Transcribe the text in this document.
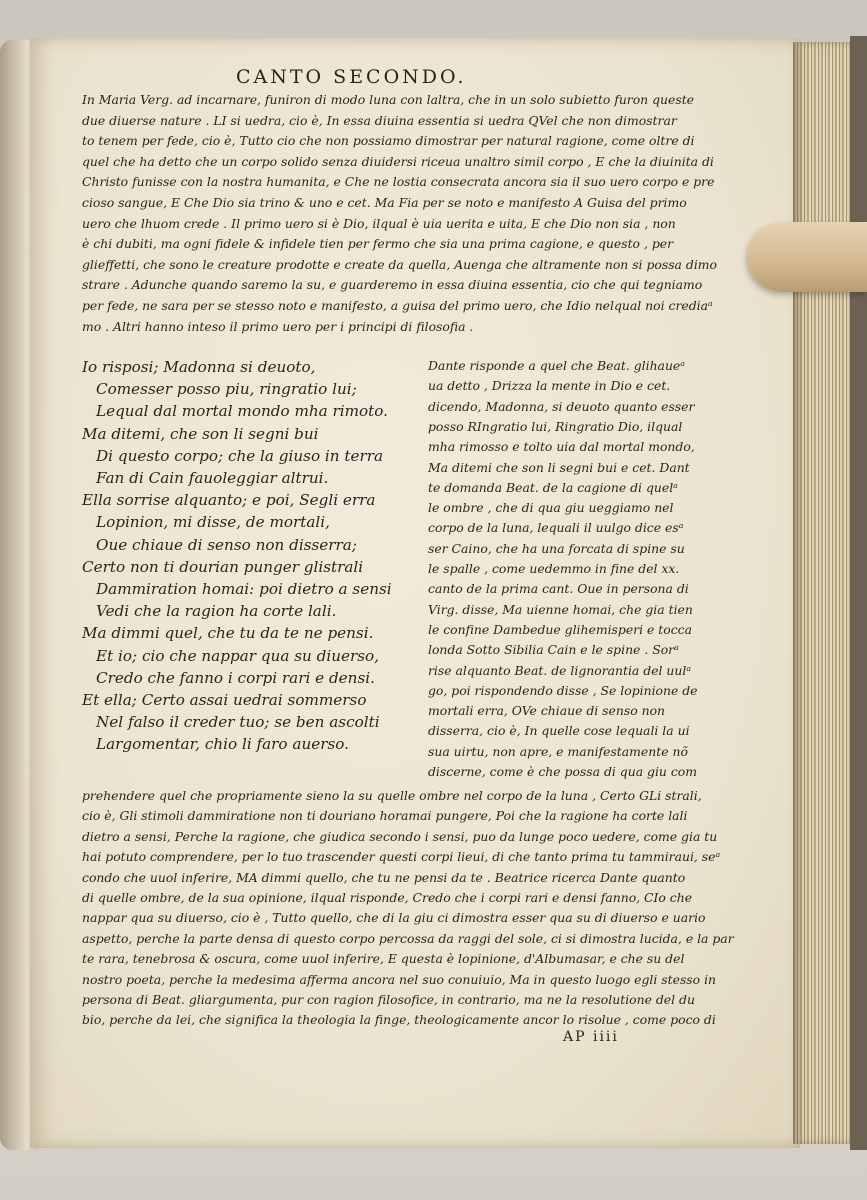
CANTO SECONDO.
In Maria Verg. ad incarnare, funiron di modo luna con laltra, che in un solo subietto furon queste
due diuerse nature . LI si uedra, cio è, In essa diuina essentia si uedra QVel che non dimostrar
to tenem per fede, cio è, Tutto cio che non possiamo dimostrar per natural ragione, come oltre di
quel che ha detto che un corpo solido senza diuidersi riceua unaltro simil corpo , E che la diuinita di
Christo funisse con la nostra humanita, e Che ne lostia consecrata ancora sia il suo uero corpo e pre
cioso sangue, E Che Dio sia trino & uno e cet. Ma Fia per se noto e manifesto A Guisa del primo
uero che lhuom crede . Il primo uero si è Dio, ilqual è uia uerita e uita, E che Dio non sia , non
è chi dubiti, ma ogni fidele & infidele tien per fermo che sia una prima cagione, e questo , per
glieffetti, che sono le creature prodotte e create da quella, Auenga che altramente non si possa dimo
strare . Adunche quando saremo la su, e guarderemo in essa diuina essentia, cio che qui tegniamo
per fede, ne sara per se stesso noto e manifesto, a guisa del primo uero, che Idio nelqual noi crediaᵃ
mo . Altri hanno inteso il primo uero per i principi di filosofia .
Io risposi; Madonna si deuoto,
Comesser posso piu, ringratio lui;
Lequal dal mortal mondo mha rimoto.
Ma ditemi, che son li segni bui
Di questo corpo; che la giuso in terra
Fan di Cain fauoleggiar altrui.
Ella sorrise alquanto; e poi, Segli erra
Lopinion, mi disse, de mortali,
Oue chiaue di senso non disserra;
Certo non ti dourian punger glistrali
Dammiration homai: poi dietro a sensi
Vedi che la ragion ha corte lali.
Ma dimmi quel, che tu da te ne pensi.
Et io; cio che nappar qua su diuerso,
Credo che fanno i corpi rari e densi.
Et ella; Certo assai uedrai sommerso
Nel falso il creder tuo; se ben ascolti
Largomentar, chio li faro auerso.
Dante risponde a quel che Beat. glihaueᵃ
ua detto , Drizza la mente in Dio e cet.
dicendo, Madonna, si deuoto quanto esser
posso RIngratio lui, Ringratio Dio, ilqual
mha rimosso e tolto uia dal mortal mondo,
Ma ditemi che son li segni bui e cet. Dant
te domanda Beat. de la cagione di quelᵃ
le ombre , che di qua giu ueggiamo nel
corpo de la luna, lequali il uulgo dice esᵃ
ser Caino, che ha una forcata di spine su
le spalle , come uedemmo in fine del xx.
canto de la prima cant. Oue in persona di
Virg. disse, Ma uienne homai, che gia tien
le confine Dambedue glihemisperi e tocca
londa Sotto Sibilia Cain e le spine . Sorᵃ
rise alquanto Beat. de lignorantia del uulᵃ
go, poi rispondendo disse , Se lopinione de
mortali erra, OVe chiaue di senso non
disserra, cio è, In quelle cose lequali la ui
sua uirtu, non apre, e manifestamente nõ
discerne, come è che possa di qua giu com
prehendere quel che propriamente sieno la su quelle ombre nel corpo de la luna , Certo GLi strali,
cio è, Gli stimoli dammiratione non ti douriano horamai pungere, Poi che la ragione ha corte lali
dietro a sensi, Perche la ragione, che giudica secondo i sensi, puo da lunge poco uedere, come gia tu
hai potuto comprendere, per lo tuo trascender questi corpi lieui, di che tanto prima tu tammiraui, seᵃ
condo che uuol inferire, MA dimmi quello, che tu ne pensi da te . Beatrice ricerca Dante quanto
di quelle ombre, de la sua opinione, ilqual risponde, Credo che i corpi rari e densi fanno, CIo che
nappar qua su diuerso, cio è , Tutto quello, che di la giu ci dimostra esser qua su di diuerso e uario
aspetto, perche la parte densa di questo corpo percossa da raggi del sole, ci si dimostra lucida, e la par
te rara, tenebrosa & oscura, come uuol inferire, E questa è lopinione, d'Albumasar, e che su del
nostro poeta, perche la medesima afferma ancora nel suo conuiuio, Ma in questo luogo egli stesso in
persona di Beat. gliargumenta, pur con ragion filosofice, in contrario, ma ne la resolutione del du
bio, perche da lei, che significa la theologia la finge, theologicamente ancor lo risolue , come poco di
AP iiii
